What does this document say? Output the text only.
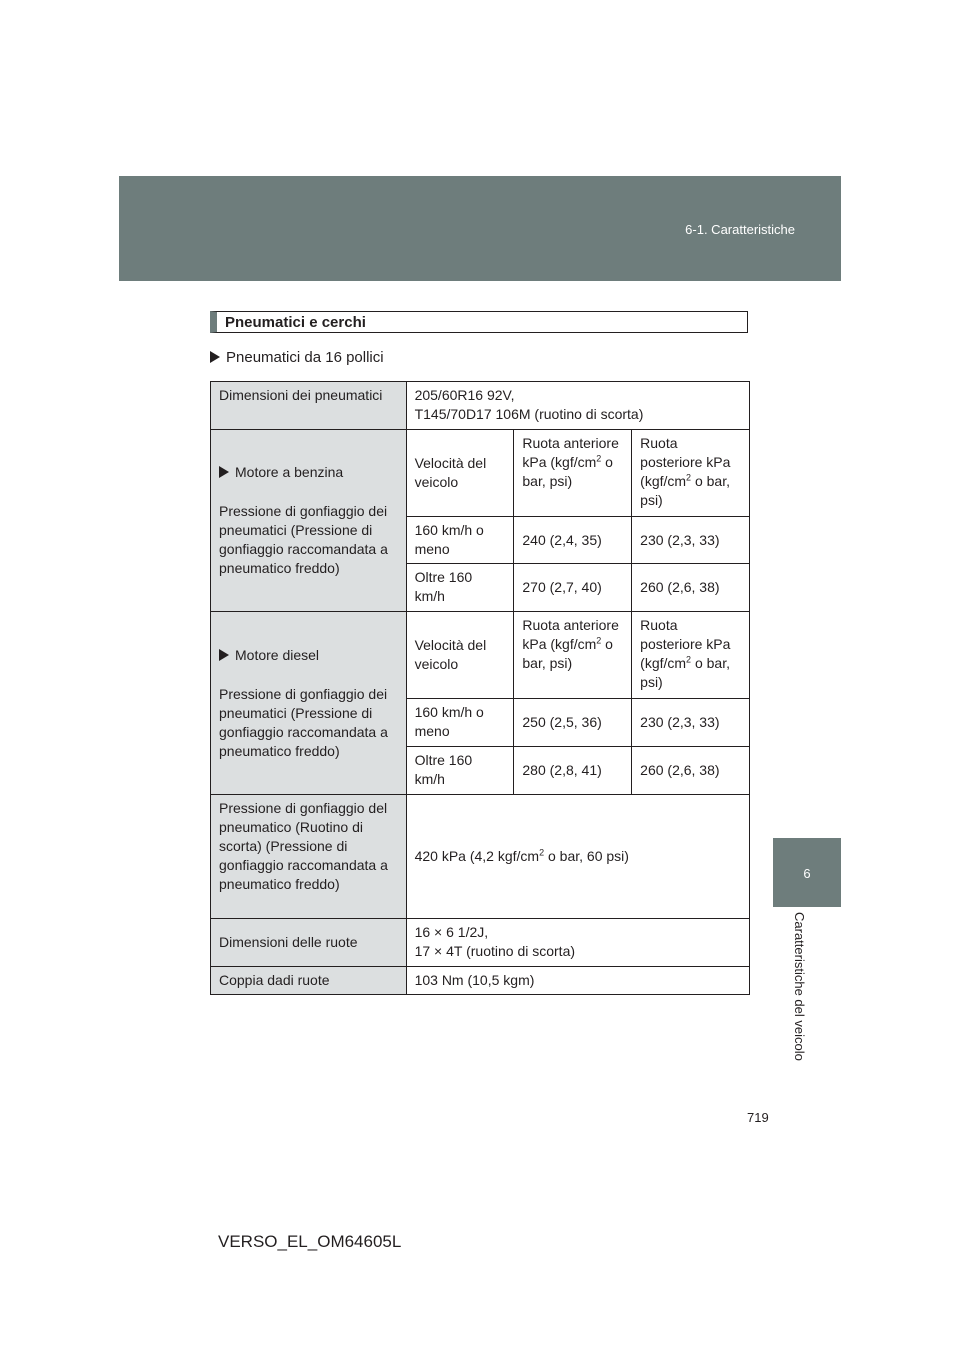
6-1. Caratteristiche
6
Caratteristiche del veicolo
Pneumatici e cerchi
Pneumatici da 16 pollici
Dimensioni dei pneumatici	205/60R16 92V,
T145/70D17 106M (ruotino di scorta)		

Motore a benzina
Pressione di gonfiaggio dei pneumatici (Pressione di gonfiaggio raccomandata a pneumatico freddo)	Velocità del veicolo	Ruota anteriore kPa ($kgf/cm^2$ o bar, psi)	Ruota posteriore kPa ($kgf/cm^2$ o bar, psi)
	160 km/h o meno	240 (2,4, 35)	230 (2,3, 33)
	Oltre 160 km/h	270 (2,7, 40)	260 (2,6, 38)

Motore diesel
Pressione di gonfiaggio dei pneumatici (Pressione di gonfiaggio raccomandata a pneumatico freddo)	Velocità del veicolo	Ruota anteriore kPa ($kgf/cm^2$ o bar, psi)	Ruota posteriore kPa ($kgf/cm^2$ o bar, psi)
	160 km/h o meno	250 (2,5, 36)	230 (2,3, 33)
	Oltre 160 km/h	280 (2,8, 41)	260 (2,6, 38)
Pressione di gonfiaggio del pneumatico (Ruotino di scorta) (Pressione di gonfiaggio raccomandata a pneumatico freddo)	420 kPa (4,2 kgf/$cm^2$ o bar, 60 psi)		
Dimensioni delle ruote	16 × 6 1/2J,
17 × 4T (ruotino di scorta)		

Coppia dadi ruote	103 Nm (10,5 kgm)		
719
VERSO_EL_OM64605L
